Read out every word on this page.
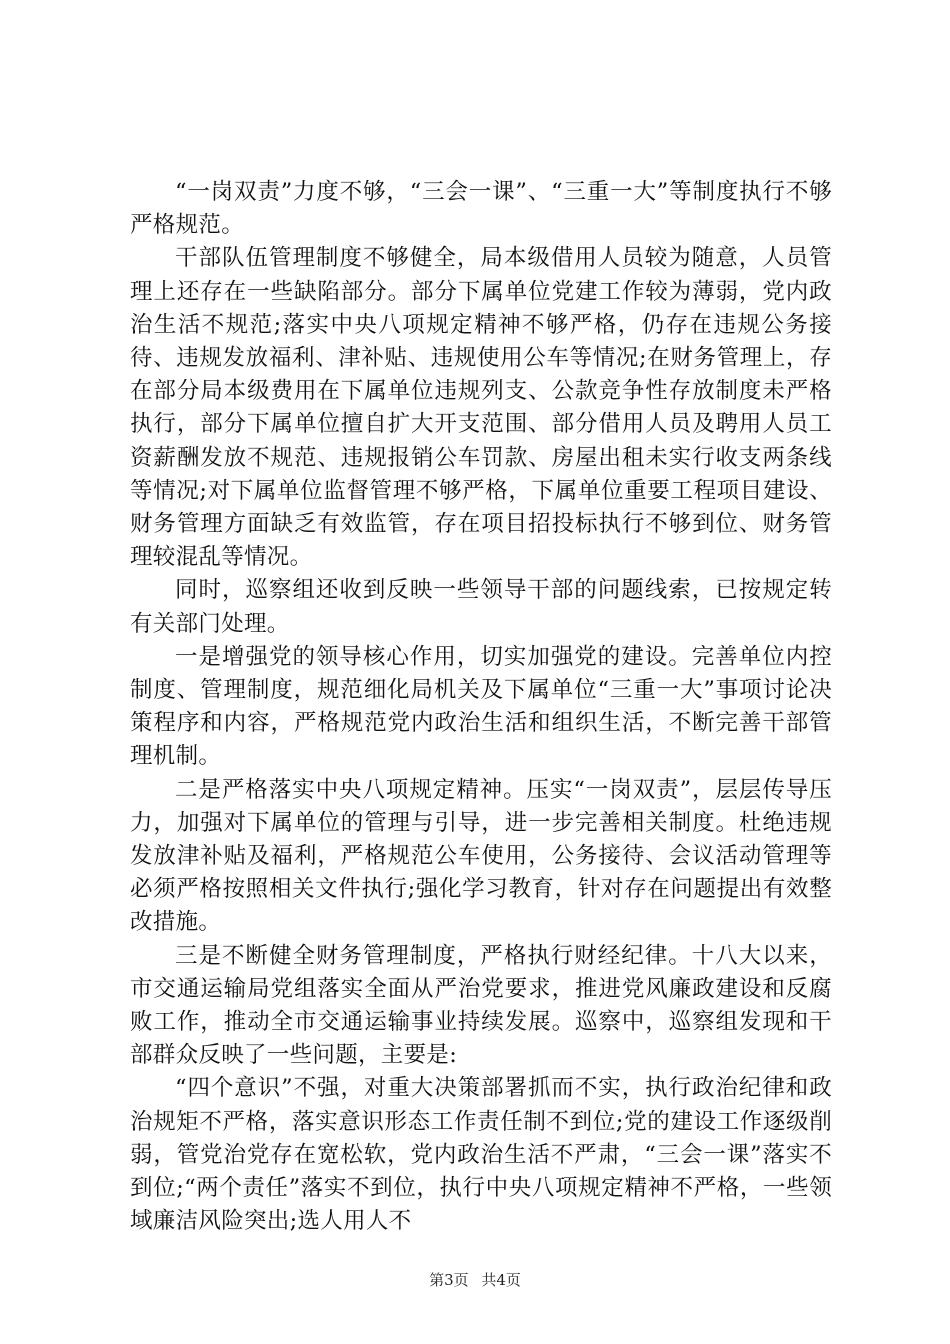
“一岗双责”力度不够，“三会一课”、“三重一大”等制度执行不够严格规范。

干部队伍管理制度不够健全，局本级借用人员较为随意，人员管理上还存在一些缺陷部分。部分下属单位党建工作较为薄弱，党内政治生活不规范;落实中央八项规定精神不够严格，仍存在违规公务接待、违规发放福利、津补贴、违规使用公车等情况;在财务管理上，存在部分局本级费用在下属单位违规列支、公款竞争性存放制度未严格执行，部分下属单位擅自扩大开支范围、部分借用人员及聘用人员工资薪酬发放不规范、违规报销公车罚款、房屋出租未实行收支两条线等情况;对下属单位监督管理不够严格，下属单位重要工程项目建设、财务管理方面缺乏有效监管，存在项目招投标执行不够到位、财务管理较混乱等情况。

同时，巡察组还收到反映一些领导干部的问题线索，已按规定转有关部门处理。

一是增强党的领导核心作用，切实加强党的建设。完善单位内控制度、管理制度，规范细化局机关及下属单位“三重一大”事项讨论决策程序和内容，严格规范党内政治生活和组织生活，不断完善干部管理机制。

二是严格落实中央八项规定精神。压实“一岗双责”，层层传导压力，加强对下属单位的管理与引导，进一步完善相关制度。杜绝违规发放津补贴及福利，严格规范公车使用，公务接待、会议活动管理等必须严格按照相关文件执行;强化学习教育，针对存在问题提出有效整改措施。

三是不断健全财务管理制度，严格执行财经纪律。十八大以来，市交通运输局党组落实全面从严治党要求，推进党风廉政建设和反腐败工作，推动全市交通运输事业持续发展。巡察中，巡察组发现和干部群众反映了一些问题，主要是:

“四个意识”不强，对重大决策部署抓而不实，执行政治纪律和政治规矩不严格，落实意识形态工作责任制不到位;党的建设工作逐级削弱，管党治党存在宽松软，党内政治生活不严肃，“三会一课”落实不到位;“两个责任”落实不到位，执行中央八项规定精神不严格，一些领域廉洁风险突出;选人用人不

第3页 共4页
